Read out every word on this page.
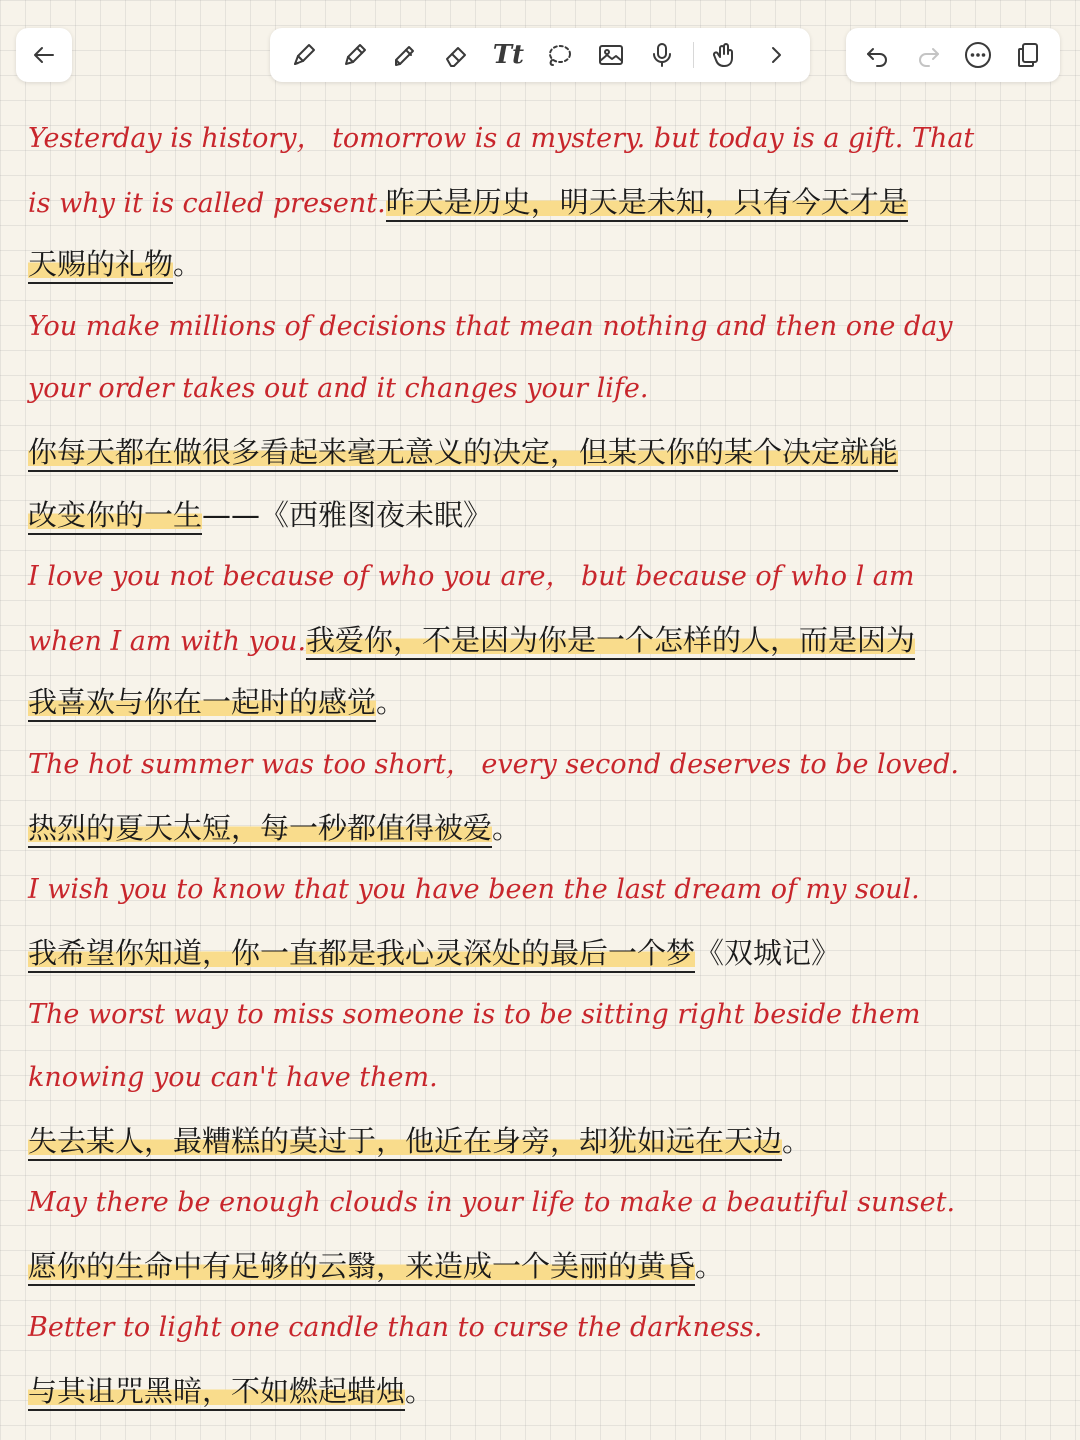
Tt
Yesterday is history， tomorrow is a mystery. but today is a gift. That
is why it is called present.昨天是历史，明天是未知，只有今天才是
天赐的礼物。
You make millions of decisions that mean nothing and then one day
your order takes out and it changes your life.
你每天都在做很多看起来毫无意义的决定，但某天你的某个决定就能
改变你的一生——《西雅图夜未眠》
I love you not because of who you are， but because of who l am
when I am with you.我爱你，不是因为你是一个怎样的人，而是因为
我喜欢与你在一起时的感觉。
The hot summer was too short， every second deserves to be loved.
热烈的夏天太短，每一秒都值得被爱。
I wish you to know that you have been the last dream of my soul.
我希望你知道，你一直都是我心灵深处的最后一个梦《双城记》
The worst way to miss someone is to be sitting right beside them
knowing you can't have them.
失去某人，最糟糕的莫过于，他近在身旁，却犹如远在天边。
May there be enough clouds in your life to make a beautiful sunset.
愿你的生命中有足够的云翳，来造成一个美丽的黄昏。
Better to light one candle than to curse the darkness.
与其诅咒黑暗，不如燃起蜡烛。
